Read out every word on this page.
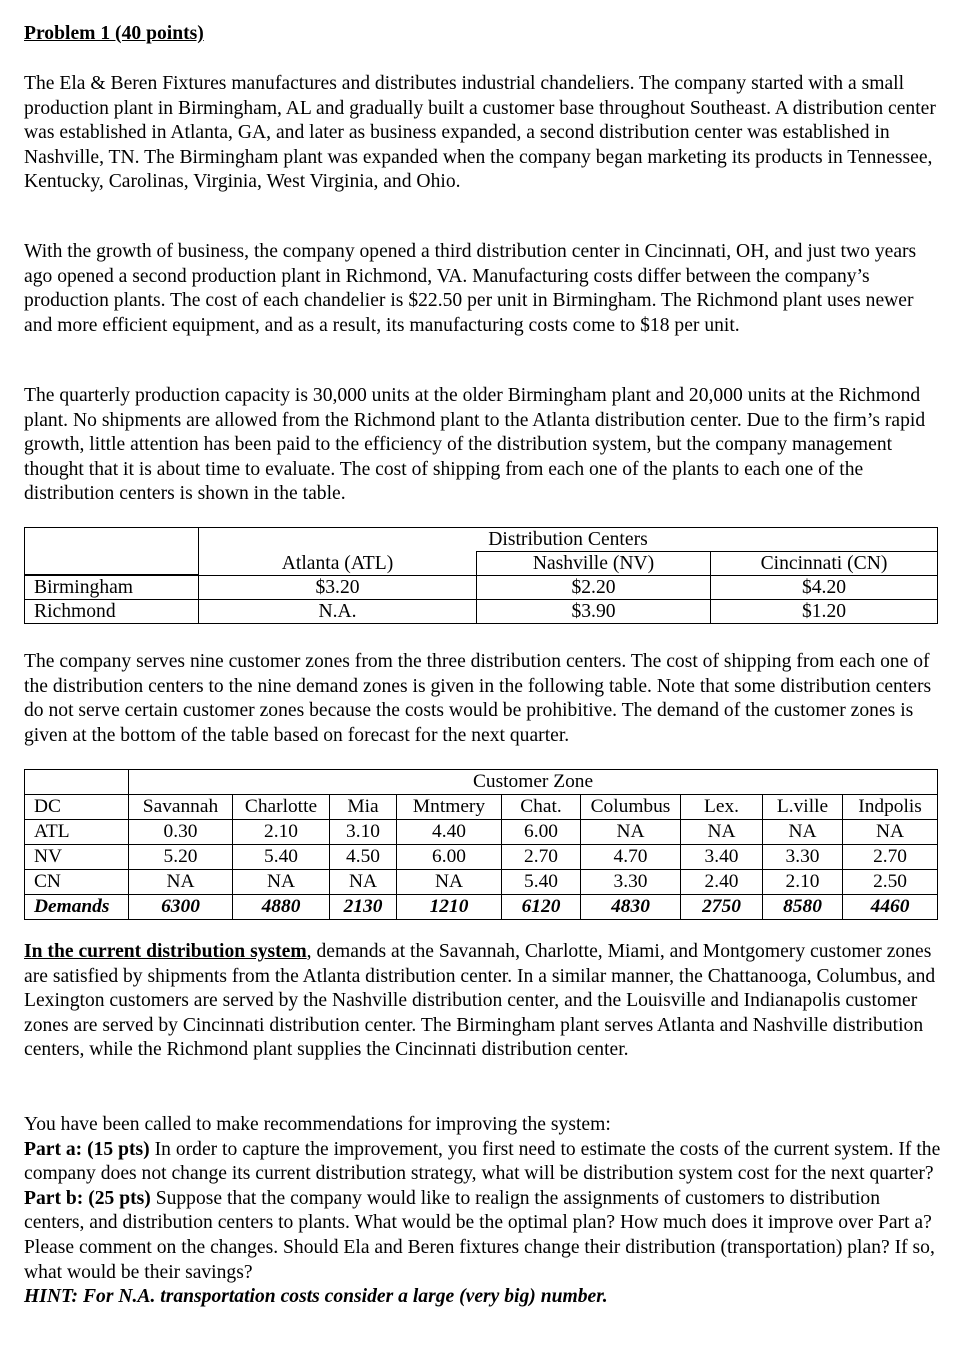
Problem 1 (40 points)

The Ela & Beren Fixtures manufactures and distributes industrial chandeliers. The company started with a small production plant in Birmingham, AL and gradually built a customer base throughout Southeast. A distribution center was established in Atlanta, GA, and later as business expanded, a second distribution center was established in Nashville, TN. The Birmingham plant was expanded when the company began marketing its products in Tennessee, Kentucky, Carolinas, Virginia, West Virginia, and Ohio.

With the growth of business, the company opened a third distribution center in Cincinnati, OH, and just two years ago opened a second production plant in Richmond, VA. Manufacturing costs differ between the company’s production plants. The cost of each chandelier is $22.50 per unit in Birmingham. The Richmond plant uses newer and more efficient equipment, and as a result, its manufacturing costs come to $18 per unit.

The quarterly production capacity is 30,000 units at the older Birmingham plant and 20,000 units at the Richmond plant. No shipments are allowed from the Richmond plant to the Atlanta distribution center. Due to the firm’s rapid growth, little attention has been paid to the efficiency of the distribution system, but the company management thought that it is about time to evaluate. The cost of shipping from each one of the plants to each one of the distribution centers is shown in the table.

	Distribution Centers		
	Atlanta (ATL)	Nashville (NV)	Cincinnati (CN)

Birmingham	$3.20	$2.20	$4.20
Richmond	N.A.	$3.90	$1.20

The company serves nine customer zones from the three distribution centers. The cost of shipping from each one of the distribution centers to the nine demand zones is given in the following table. Note that some distribution centers do not serve certain customer zones because the costs would be prohibitive. The demand of the customer zones is given at the bottom of the table based on forecast for the next quarter.

	Customer Zone								
DC	Savannah	Charlotte	Mia	Mntmery	Chat.	Columbus	Lex.	L.ville	Indpolis
ATL	0.30	2.10	3.10	4.40	6.00	NA	NA	NA	NA
NV	5.20	5.40	4.50	6.00	2.70	4.70	3.40	3.30	2.70
CN	NA	NA	NA	NA	5.40	3.30	2.40	2.10	2.50
Demands	6300	4880	2130	1210	6120	4830	2750	8580	4460

In the current distribution system, demands at the Savannah, Charlotte, Miami, and Montgomery customer zones are satisfied by shipments from the Atlanta distribution center. In a similar manner, the Chattanooga, Columbus, and Lexington customers are served by the Nashville distribution center, and the Louisville and Indianapolis customer zones are served by Cincinnati distribution center. The Birmingham plant serves Atlanta and Nashville distribution centers, while the Richmond plant supplies the Cincinnati distribution center.

You have been called to make recommendations for improving the system:
Part a: (15 pts) In order to capture the improvement, you first need to estimate the costs of the current system. If the company does not change its current distribution strategy, what will be distribution system cost for the next quarter?
Part b: (25 pts) Suppose that the company would like to realign the assignments of customers to distribution centers, and distribution centers to plants. What would be the optimal plan? How much does it improve over Part a? Please comment on the changes. Should Ela and Beren fixtures change their distribution (transportation) plan? If so, what would be their savings?
HINT: For N.A. transportation costs consider a large (very big) number.
